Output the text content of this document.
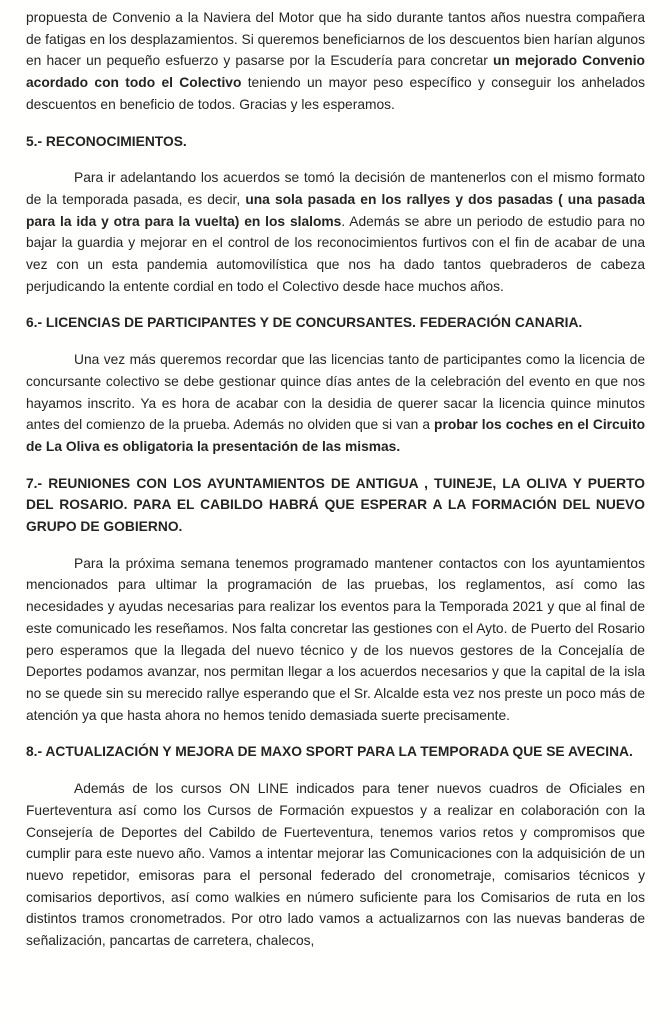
propuesta de Convenio a la Naviera del Motor que ha sido durante tantos años nuestra compañera de fatigas en los desplazamientos. Si queremos beneficiarnos de los descuentos bien harían algunos en hacer un pequeño esfuerzo y pasarse por la Escudería para concretar un mejorado Convenio acordado con todo el Colectivo teniendo un mayor peso específico y conseguir los anhelados descuentos en beneficio de todos. Gracias y les esperamos.

5.- RECONOCIMIENTOS.

Para ir adelantando los acuerdos se tomó la decisión de mantenerlos con el mismo formato de la temporada pasada, es decir, una sola pasada en los rallyes y dos pasadas ( una pasada para la ida y otra para la vuelta) en los slaloms. Además se abre un periodo de estudio para no bajar la guardia y mejorar en el control de los reconocimientos furtivos con el fin de acabar de una vez con un esta pandemia automovilística que nos ha dado tantos quebraderos de cabeza perjudicando la entente cordial en todo el Colectivo desde hace muchos años.

6.- LICENCIAS DE PARTICIPANTES Y DE CONCURSANTES. FEDERACIÓN CANARIA.

Una vez más queremos recordar que las licencias tanto de participantes como la licencia de concursante colectivo se debe gestionar quince días antes de la celebración del evento en que nos hayamos inscrito. Ya es hora de acabar con la desidia de querer sacar la licencia quince minutos antes del comienzo de la prueba. Además no olviden que si van a probar los coches en el Circuito de La Oliva es obligatoria la presentación de las mismas.

7.- REUNIONES CON LOS AYUNTAMIENTOS DE ANTIGUA , TUINEJE, LA OLIVA Y PUERTO DEL ROSARIO. PARA EL CABILDO HABRÁ QUE ESPERAR A LA FORMACIÓN DEL NUEVO GRUPO DE GOBIERNO.

Para la próxima semana tenemos programado mantener contactos con los ayuntamientos mencionados para ultimar la programación de las pruebas, los reglamentos, así como las necesidades y ayudas necesarias para realizar los eventos para la Temporada 2021 y que al final de este comunicado les reseñamos. Nos falta concretar las gestiones con el Ayto. de Puerto del Rosario pero esperamos que la llegada del nuevo técnico y de los nuevos gestores de la Concejalía de Deportes podamos avanzar, nos permitan llegar a los acuerdos necesarios y que la capital de la isla no se quede sin su merecido rallye esperando que el Sr. Alcalde esta vez nos preste un poco más de atención ya que hasta ahora no hemos tenido demasiada suerte precisamente.

8.- ACTUALIZACIÓN Y MEJORA DE MAXO SPORT PARA LA TEMPORADA QUE SE AVECINA.

Además de los cursos ON LINE indicados para tener nuevos cuadros de Oficiales en Fuerteventura así como los Cursos de Formación expuestos y a realizar en colaboración con la Consejería de Deportes del Cabildo de Fuerteventura, tenemos varios retos y compromisos que cumplir para este nuevo año. Vamos a intentar mejorar las Comunicaciones con la adquisición de un nuevo repetidor, emisoras para el personal federado del cronometraje, comisarios técnicos y comisarios deportivos, así como walkies en número suficiente para los Comisarios de ruta en los distintos tramos cronometrados. Por otro lado vamos a actualizarnos con las nuevas banderas de señalización, pancartas de carretera, chalecos,
